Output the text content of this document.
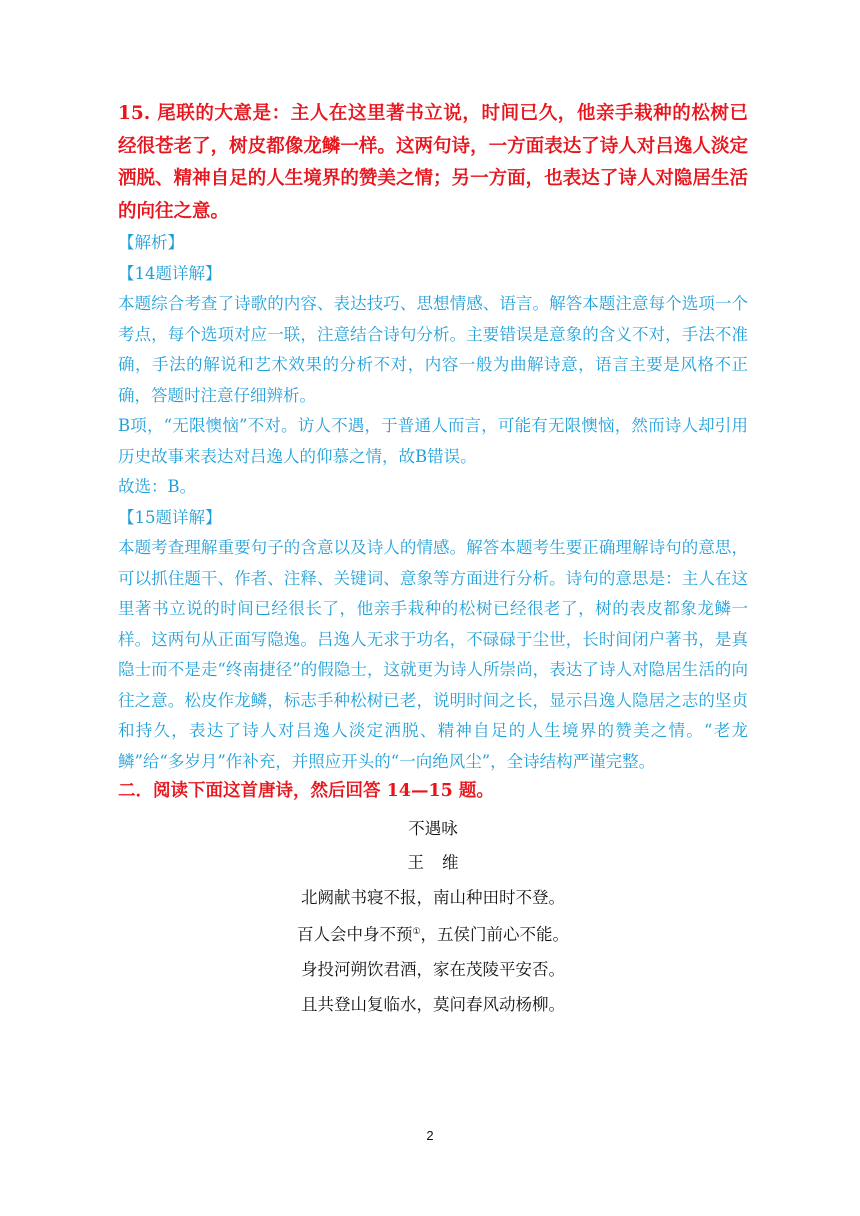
15. 尾联的大意是：主人在这里著书立说，时间已久，他亲手栽种的松树已经很苍老了，树皮都像龙鳞一样。这两句诗，一方面表达了诗人对吕逸人淡定洒脱、精神自足的人生境界的赞美之情；另一方面，也表达了诗人对隐居生活的向往之意。

【解析】

【14题详解】

本题综合考查了诗歌的内容、表达技巧、思想情感、语言。解答本题注意每个选项一个考点，每个选项对应一联，注意结合诗句分析。主要错误是意象的含义不对，手法不准确，手法的解说和艺术效果的分析不对，内容一般为曲解诗意，语言主要是风格不正确，答题时注意仔细辨析。

B项，“无限懊恼”不对。访人不遇，于普通人而言，可能有无限懊恼，然而诗人却引用历史故事来表达对吕逸人的仰慕之情，故B错误。

故选：B。

【15题详解】

本题考查理解重要句子的含意以及诗人的情感。解答本题考生要正确理解诗句的意思，可以抓住题干、作者、注释、关键词、意象等方面进行分析。诗句的意思是：主人在这里著书立说的时间已经很长了，他亲手栽种的松树已经很老了，树的表皮都象龙鳞一样。这两句从正面写隐逸。吕逸人无求于功名，不碌碌于尘世，长时间闭户著书，是真隐士而不是走“终南捷径”的假隐士，这就更为诗人所崇尚，表达了诗人对隐居生活的向往之意。松皮作龙鳞，标志手种松树已老，说明时间之长，显示吕逸人隐居之志的坚贞和持久，表达了诗人对吕逸人淡定洒脱、精神自足的人生境界的赞美之情。“老龙鳞”给“多岁月”作补充，并照应开头的“一向绝风尘”，全诗结构严谨完整。

二．阅读下面这首唐诗，然后回答 14—15 题。

不遇咏

王维

北阙献书寝不报，南山种田时不登。

百人会中身不预①，五侯门前心不能。

身投河朔饮君酒，家在茂陵平安否。

且共登山复临水，莫问春风动杨柳。

2
